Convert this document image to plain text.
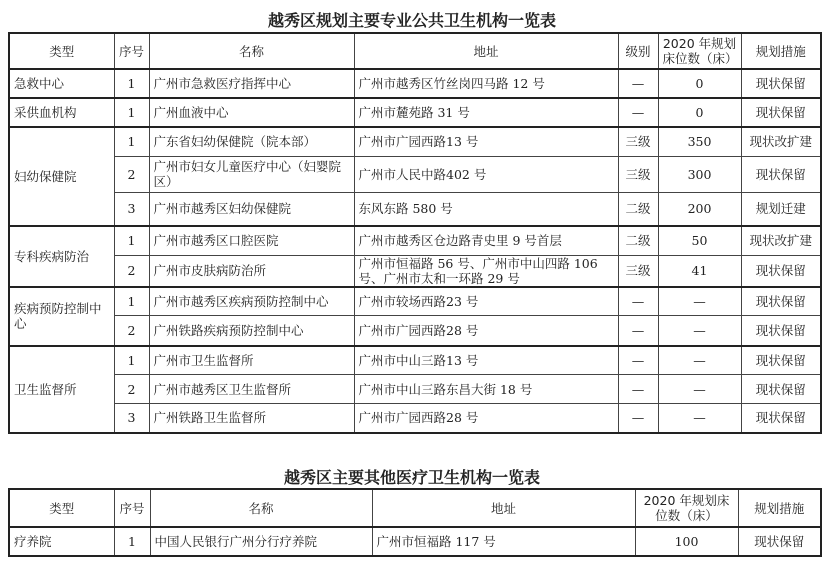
越秀区规划主要专业公共卫生机构一览表
类型	序号	名称	地址	级别	2020 年规划床位数（床）	规划措施
急救中心	1	广州市急救医疗指挥中心	广州市越秀区竹丝岗四马路 12 号	—	0	现状保留
采供血机构	1	广州血液中心	广州市麓苑路 31 号	—	0	现状保留
妇幼保健院	1	广东省妇幼保健院（院本部）	广州市广园西路13 号	三级	350	现状改扩建
	2	广州市妇女儿童医疗中心（妇婴院区）	广州市人民中路402 号	三级	300	现状保留
	3	广州市越秀区妇幼保健院	东风东路 580 号	二级	200	规划迁建
专科疾病防治	1	广州市越秀区口腔医院	广州市越秀区仓边路青史里 9 号首层	二级	50	现状改扩建
	2	广州市皮肤病防治所	广州市恒福路 56 号、广州市中山四路 106 号、广州市太和一环路 29 号	三级	41	现状保留
疾病预防控制中心	1	广州市越秀区疾病预防控制中心	广州市较场西路23 号	—	—	现状保留
	2	广州铁路疾病预防控制中心	广州市广园西路28 号	—	—	现状保留
卫生监督所	1	广州市卫生监督所	广州市中山三路13 号	—	—	现状保留
	2	广州市越秀区卫生监督所	广州市中山三路东昌大街 18 号	—	—	现状保留
	3	广州铁路卫生监督所	广州市广园西路28 号	—	—	现状保留
越秀区主要其他医疗卫生机构一览表
类型	序号	名称	地址	2020 年规划床位数（床）	规划措施
疗养院	1	中国人民银行广州分行疗养院	广州市恒福路 117 号	100	现状保留
